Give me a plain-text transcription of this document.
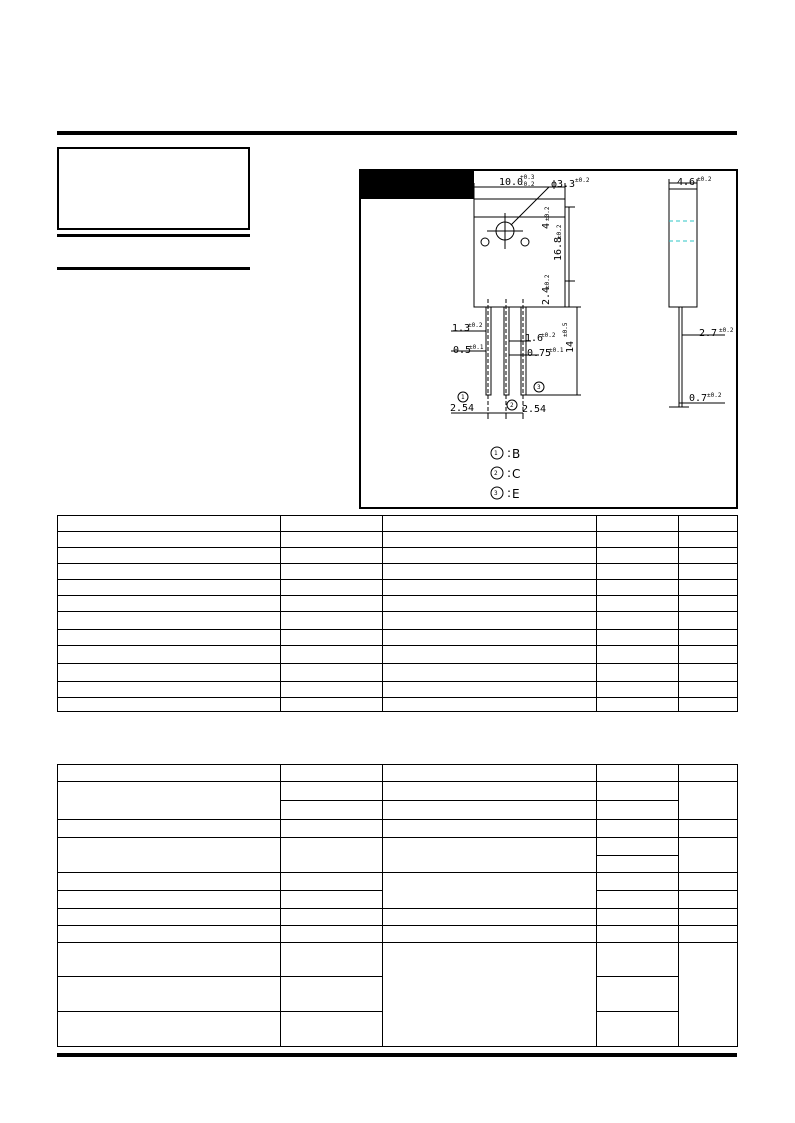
10.0
+0.3
-0.2 ϕ3.3 ±0.2
4
±0.2
16.8
±0.2
2.4
±0.2
14
±0.5
1.3
±0.2
1.6
±0.2
0.5
±0.1
0.75
±0.1
2.54	2.54
4.6 ±0.2
2.7 ±0.2
0.7 ±0.2
1
2
3
1 : B
2 : C
3 : E
